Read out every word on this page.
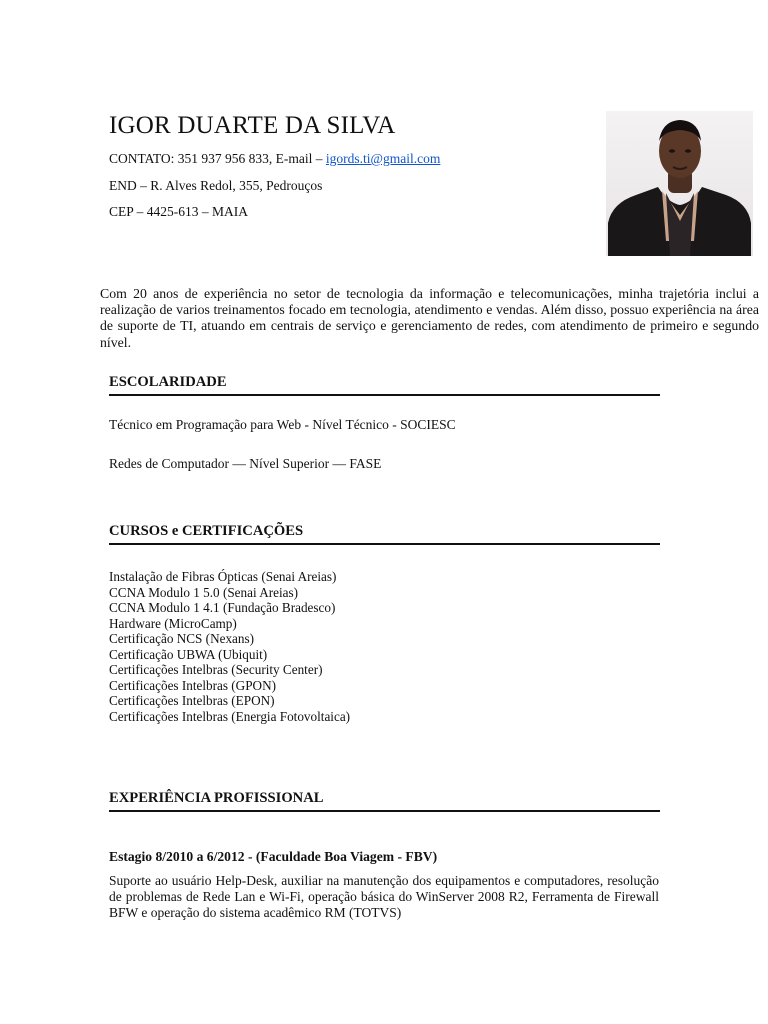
IGOR DUARTE DA SILVA
CONTATO: 351 937 956 833, E-mail – igords.ti@gmail.com
END – R. Alves Redol, 355, Pedrouços
CEP – 4425-613 – MAIA
Com 20 anos de experiência no setor de tecnologia da informação e telecomunicações, minha trajetória inclui a realização de varios treinamentos focado em tecnologia, atendimento e vendas. Além disso, possuo experiência na área de suporte de TI, atuando em centrais de serviço e gerenciamento de redes, com atendimento de primeiro e segundo nível.
ESCOLARIDADE
Técnico em Programação para Web - Nível Técnico - SOCIESC
Redes de Computador — Nível Superior — FASE
CURSOS e CERTIFICAÇÕES
Instalação de Fibras Ópticas (Senai Areias)
CCNA Modulo 1 5.0 (Senai Areias)
CCNA Modulo 1 4.1 (Fundação Bradesco)
Hardware (MicroCamp)
Certificação NCS (Nexans)
Certificação UBWA (Ubiquit)
Certificações Intelbras (Security Center)
Certificações Intelbras (GPON)
Certificações Intelbras (EPON)
Certificações Intelbras (Energia Fotovoltaica)
EXPERIÊNCIA PROFISSIONAL
Estagio 8/2010 a 6/2012 - (Faculdade Boa Viagem - FBV)
Suporte ao usuário Help-Desk, auxiliar na manutenção dos equipamentos e computadores, resolução de problemas de Rede Lan e Wi-Fi, operação básica do WinServer 2008 R2, Ferramenta de Firewall BFW e operação do sistema acadêmico RM (TOTVS)
